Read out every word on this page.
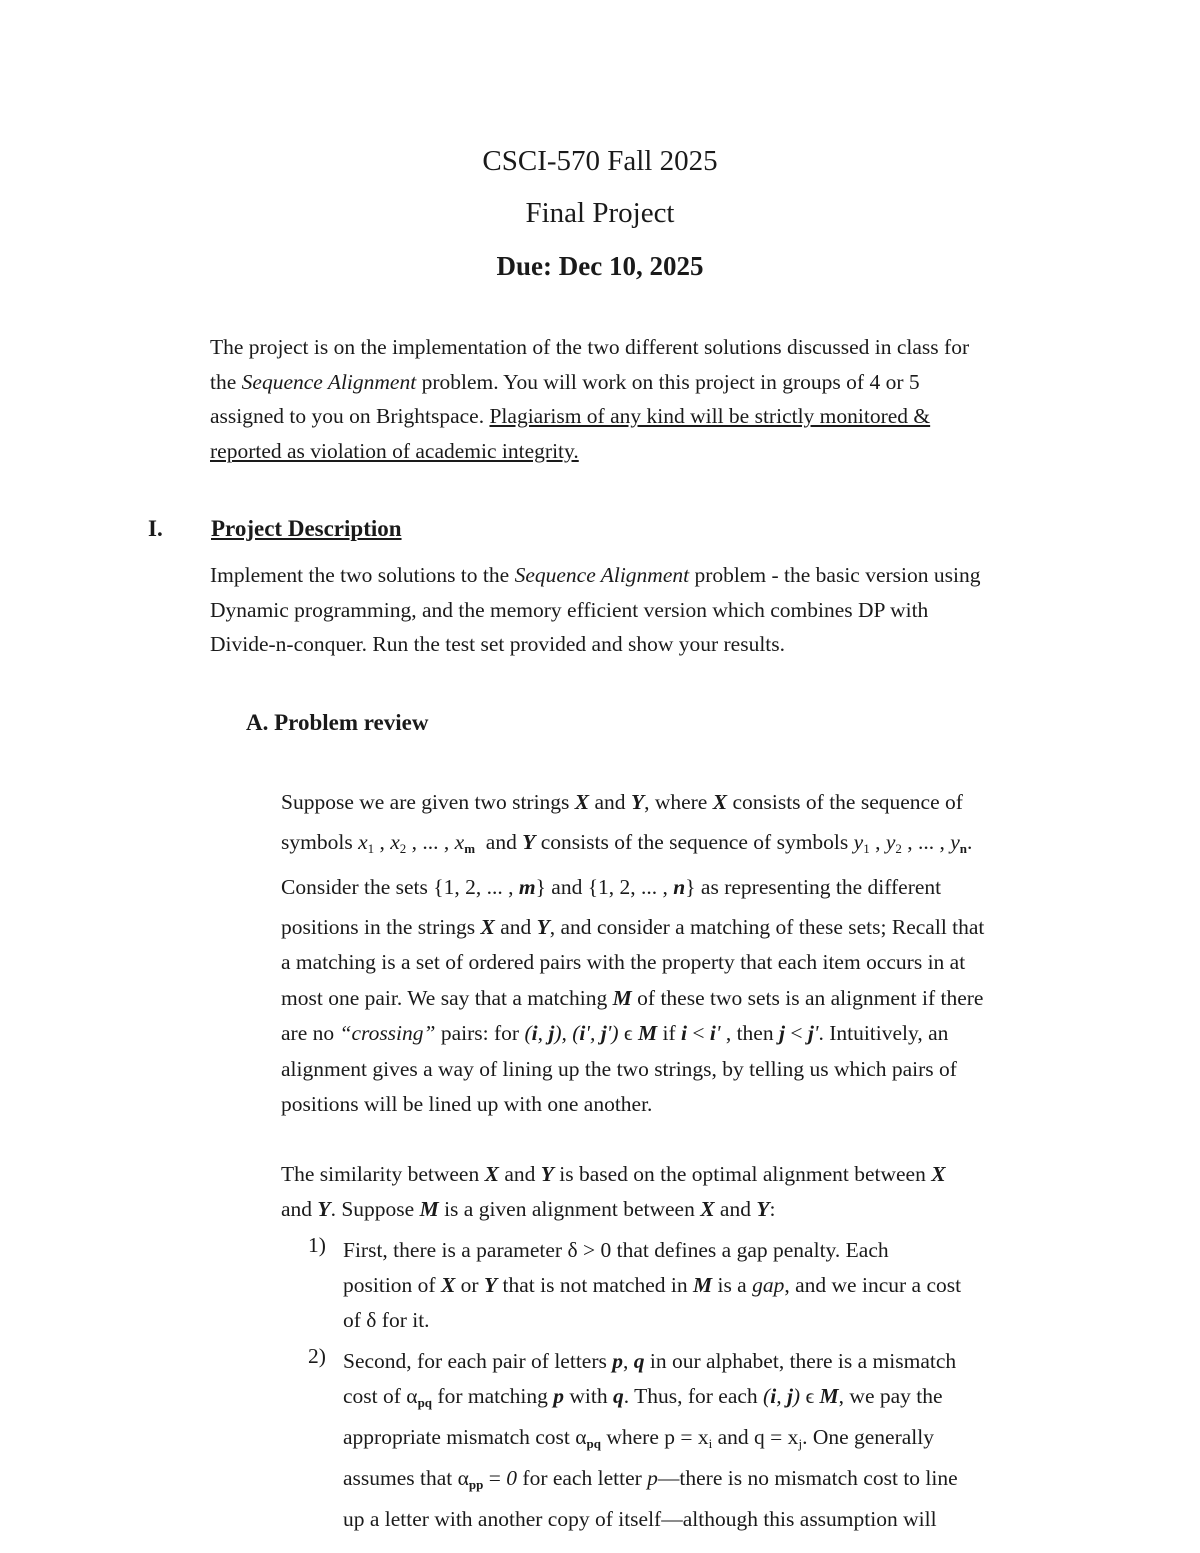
CSCI-570 Fall 2025
Final Project
Due: Dec 10, 2025
The project is on the implementation of the two different solutions discussed in class for
the Sequence Alignment problem. You will work on this project in groups of 4 or 5
assigned to you on Brightspace. Plagiarism of any kind will be strictly monitored &
reported as violation of academic integrity.
I. Project Description
Implement the two solutions to the Sequence Alignment problem - the basic version using
Dynamic programming, and the memory efficient version which combines DP with
Divide-n-conquer. Run the test set provided and show your results.
A. Problem review
Suppose we are given two strings X and Y, where X consists of the sequence of
symbols $x_1$ , $x_2$ , ... , $x_m$  and Y consists of the sequence of symbols $y_1$ , $y_2$ , ... , $y_n$.
Consider the sets {1, 2, ... , m} and {1, 2, ... , n} as representing the different
positions in the strings X and Y, and consider a matching of these sets; Recall that
a matching is a set of ordered pairs with the property that each item occurs in at
most one pair. We say that a matching M of these two sets is an alignment if there
are no “crossing” pairs: for (i, j), (i', j') ϵ M if i < i' , then j < j'. Intuitively, an
alignment gives a way of lining up the two strings, by telling us which pairs of
positions will be lined up with one another.
The similarity between X and Y is based on the optimal alignment between X
and Y. Suppose M is a given alignment between X and Y:
1) First, there is a parameter δ > 0 that defines a gap penalty. Each
position of X or Y that is not matched in M is a gap, and we incur a cost
of δ for it.
2) Second, for each pair of letters p, q in our alphabet, there is a mismatch
cost of $\alpha_{pq}$ for matching p with q. Thus, for each (i, j) ϵ M, we pay the
appropriate mismatch cost $\alpha_{pq}$ where $p = x_i$ and $q = x_j$. One generally
assumes that $\alpha_{pp} = 0$ for each letter p—there is no mismatch cost to line
up a letter with another copy of itself—although this assumption will
